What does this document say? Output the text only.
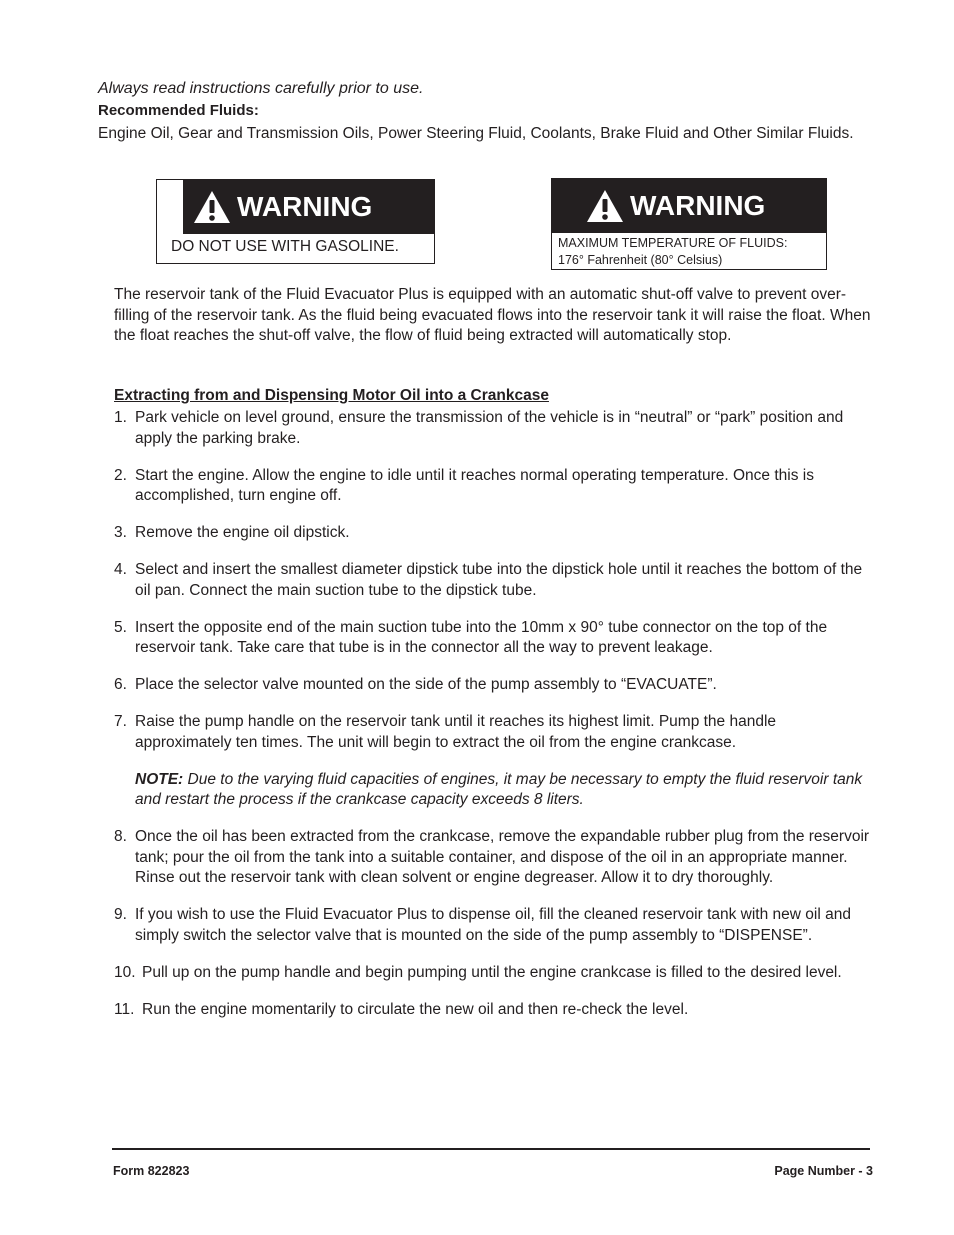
Always read instructions carefully prior to use.
Recommended Fluids:
Engine Oil, Gear and Transmission Oils, Power Steering Fluid, Coolants, Brake Fluid and Other Similar Fluids.
WARNING
DO NOT USE WITH GASOLINE.
WARNING
MAXIMUM TEMPERATURE OF FLUIDS:
176° Fahrenheit (80° Celsius)
The reservoir tank of the Fluid Evacuator Plus is equipped with an automatic shut-off valve to prevent over-filling of the reservoir tank. As the fluid being evacuated flows into the reservoir tank it will raise the float. When the float reaches the shut-off valve, the flow of fluid being extracted will automatically stop.
Extracting from and Dispensing Motor Oil into a Crankcase
1. Park vehicle on level ground, ensure the transmission of the vehicle is in “neutral” or “park” position and apply the parking brake.
2. Start the engine. Allow the engine to idle until it reaches normal operating temperature. Once this is accomplished, turn engine off.
3. Remove the engine oil dipstick.
4. Select and insert the smallest diameter dipstick tube into the dipstick hole until it reaches the bottom of the oil pan. Connect the main suction tube to the dipstick tube.
5. Insert the opposite end of the main suction tube into the 10mm x 90° tube connector on the top of the reservoir tank. Take care that tube is in the connector all the way to prevent leakage.
6. Place the selector valve mounted on the side of the pump assembly to “EVACUATE”.
7. Raise the pump handle on the reservoir tank until it reaches its highest limit. Pump the handle approximately ten times. The unit will begin to extract the oil from the engine crankcase.
NOTE: Due to the varying fluid capacities of engines, it may be necessary to empty the fluid reservoir tank and restart the process if the crankcase capacity exceeds 8 liters.
8. Once the oil has been extracted from the crankcase, remove the expandable rubber plug from the reservoir tank; pour the oil from the tank into a suitable container, and dispose of the oil in an appropriate manner. Rinse out the reservoir tank with clean solvent or engine degreaser. Allow it to dry thoroughly.
9. If you wish to use the Fluid Evacuator Plus to dispense oil, fill the cleaned reservoir tank with new oil and simply switch the selector valve that is mounted on the side of the pump assembly to “DISPENSE”.
10. Pull up on the pump handle and begin pumping until the engine crankcase is filled to the desired level.
11. Run the engine momentarily to circulate the new oil and then re-check the level.
Form 822823	Page Number - 3
